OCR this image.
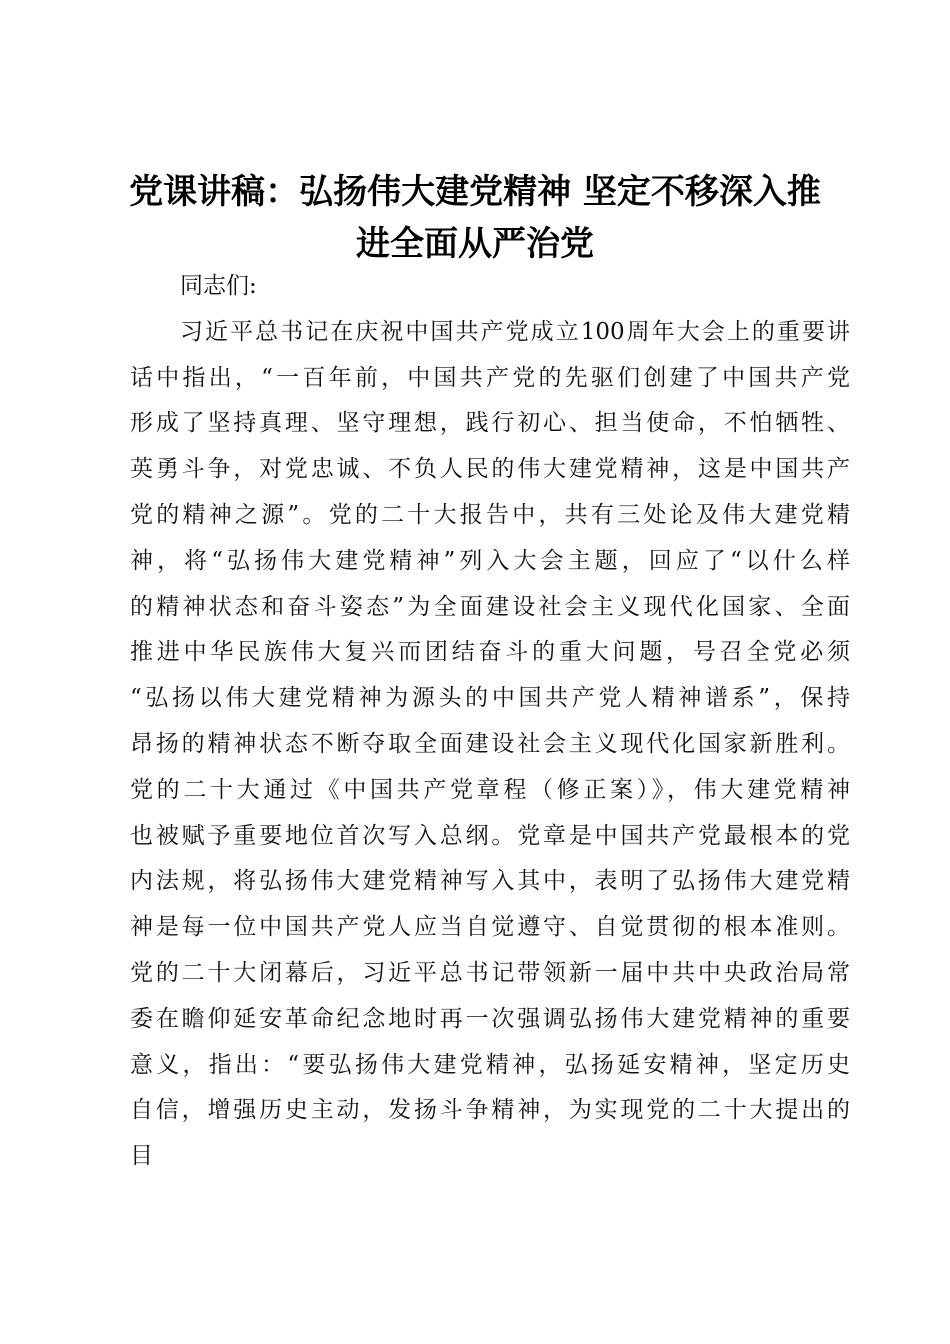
党课讲稿：弘扬伟大建党精神 坚定不移深入推
进全面从严治党
同志们:
习近平总书记在庆祝中国共产党成立100周年大会上的重要讲
话中指出，“一百年前，中国共产党的先驱们创建了中国共产党
形成了坚持真理、坚守理想，践行初心、担当使命，不怕牺牲、
英勇斗争，对党忠诚、不负人民的伟大建党精神，这是中国共产
党的精神之源”。党的二十大报告中，共有三处论及伟大建党精
神，将“弘扬伟大建党精神”列入大会主题，回应了“以什么样
的精神状态和奋斗姿态”为全面建设社会主义现代化国家、全面
推进中华民族伟大复兴而团结奋斗的重大问题，号召全党必须
“弘扬以伟大建党精神为源头的中国共产党人精神谱系”，保持
昂扬的精神状态不断夺取全面建设社会主义现代化国家新胜利。
党的二十大通过《中国共产党章程（修正案）》，伟大建党精神
也被赋予重要地位首次写入总纲。党章是中国共产党最根本的党
内法规，将弘扬伟大建党精神写入其中，表明了弘扬伟大建党精
神是每一位中国共产党人应当自觉遵守、自觉贯彻的根本准则。
党的二十大闭幕后，习近平总书记带领新一届中共中央政治局常
委在瞻仰延安革命纪念地时再一次强调弘扬伟大建党精神的重要
意义，指出：“要弘扬伟大建党精神，弘扬延安精神，坚定历史
自信，增强历史主动，发扬斗争精神，为实现党的二十大提出的
目
